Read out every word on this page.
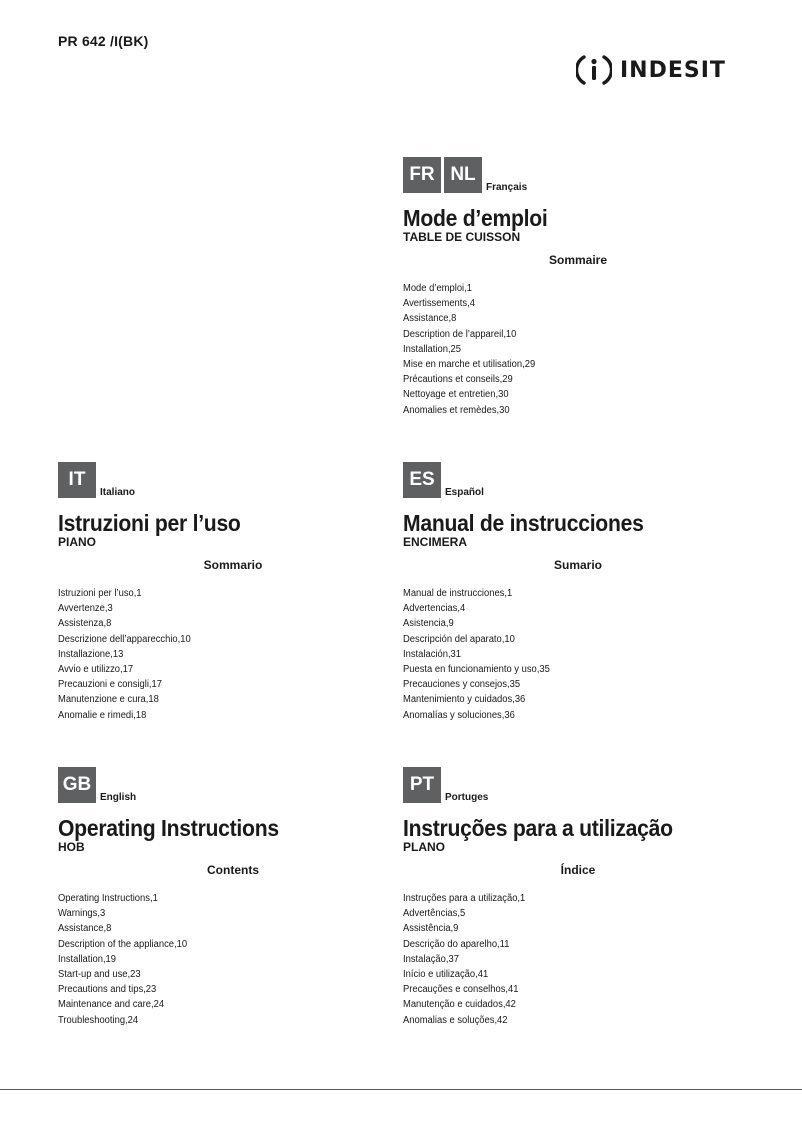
PR 642 /I(BK)
INDESIT
FR NL
Français
Mode d’emploi
TABLE DE CUISSON
Sommaire
Mode d’emploi,1
Avertissements,4
Assistance,8
Description de l’appareil,10
Installation,25
Mise en marche et utilisation,29
Précautions et conseils,29
Nettoyage et entretien,30
Anomalies et remèdes,30
IT
Italiano
Istruzioni per l’uso
PIANO
Sommario
Istruzioni per l’uso,1
Avvertenze,3
Assistenza,8
Descrizione dell’apparecchio,10
Installazione,13
Avvio e utilizzo,17
Precauzioni e consigli,17
Manutenzione e cura,18
Anomalie e rimedi,18
ES
Español
Manual de instrucciones
ENCIMERA
Sumario
Manual de instrucciones,1
Advertencias,4
Asistencia,9
Descripción del aparato,10
Instalación,31
Puesta en funcionamiento y uso,35
Precauciones y consejos,35
Mantenimiento y cuidados,36
Anomalías y soluciones,36
GB
English
Operating Instructions
HOB
Contents
Operating Instructions,1
Warnings,3
Assistance,8
Description of the appliance,10
Installation,19
Start-up and use,23
Precautions and tips,23
Maintenance and care,24
Troubleshooting,24
PT
Portuges
Instruções para a utilização
PLANO
Índice
Instruções para a utilização,1
Advertências,5
Assistência,9
Descrição do aparelho,11
Instalação,37
Início e utilização,41
Precauções e conselhos,41
Manutenção e cuidados,42
Anomalias e soluções,42
